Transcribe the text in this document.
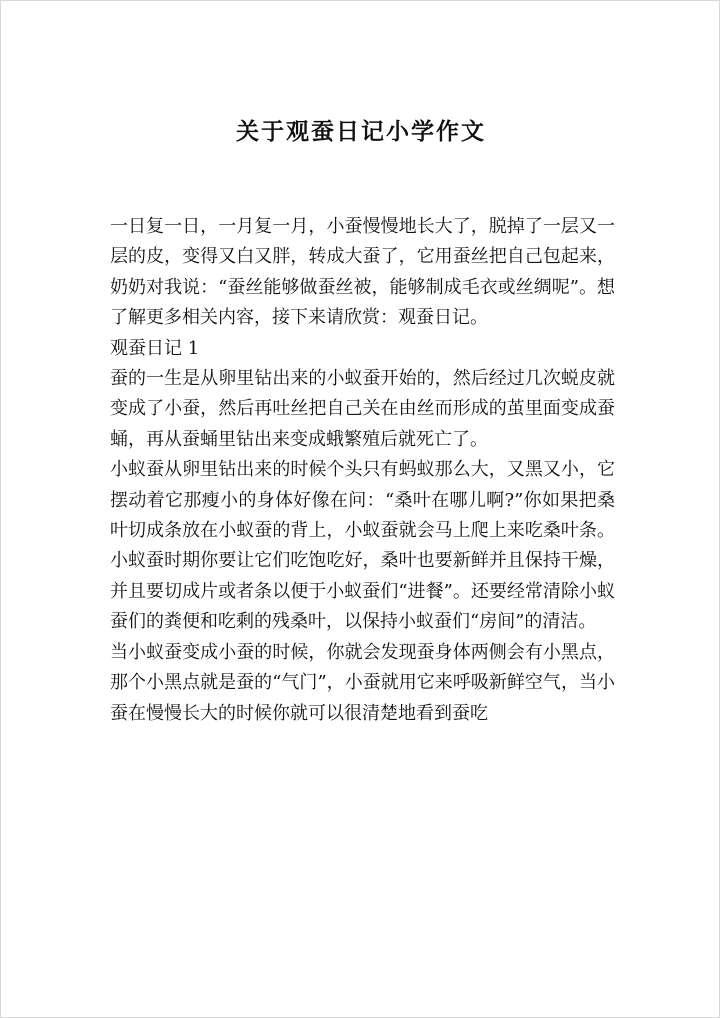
关于观蚕日记小学作文

一日复一日，一月复一月，小蚕慢慢地长大了，脱掉了一层又一层的皮，变得又白又胖，转成大蚕了，它用蚕丝把自己包起来，奶奶对我说：“蚕丝能够做蚕丝被，能够制成毛衣或丝绸呢”。想了解更多相关内容，接下来请欣赏：观蚕日记。

观蚕日记 1

蚕的一生是从卵里钻出来的小蚁蚕开始的，然后经过几次蜕皮就变成了小蚕，然后再吐丝把自己关在由丝而形成的茧里面变成蚕蛹，再从蚕蛹里钻出来变成蛾繁殖后就死亡了。

小蚁蚕从卵里钻出来的时候个头只有蚂蚁那么大，又黑又小，它摆动着它那瘦小的身体好像在问：“桑叶在哪儿啊?”你如果把桑叶切成条放在小蚁蚕的背上，小蚁蚕就会马上爬上来吃桑叶条。小蚁蚕时期你要让它们吃饱吃好，桑叶也要新鲜并且保持干燥，并且要切成片或者条以便于小蚁蚕们“进餐”。还要经常清除小蚁蚕们的粪便和吃剩的残桑叶，以保持小蚁蚕们“房间”的清洁。

当小蚁蚕变成小蚕的时候，你就会发现蚕身体两侧会有小黑点，那个小黑点就是蚕的“气门”，小蚕就用它来呼吸新鲜空气，当小蚕在慢慢长大的时候你就可以很清楚地看到蚕吃
